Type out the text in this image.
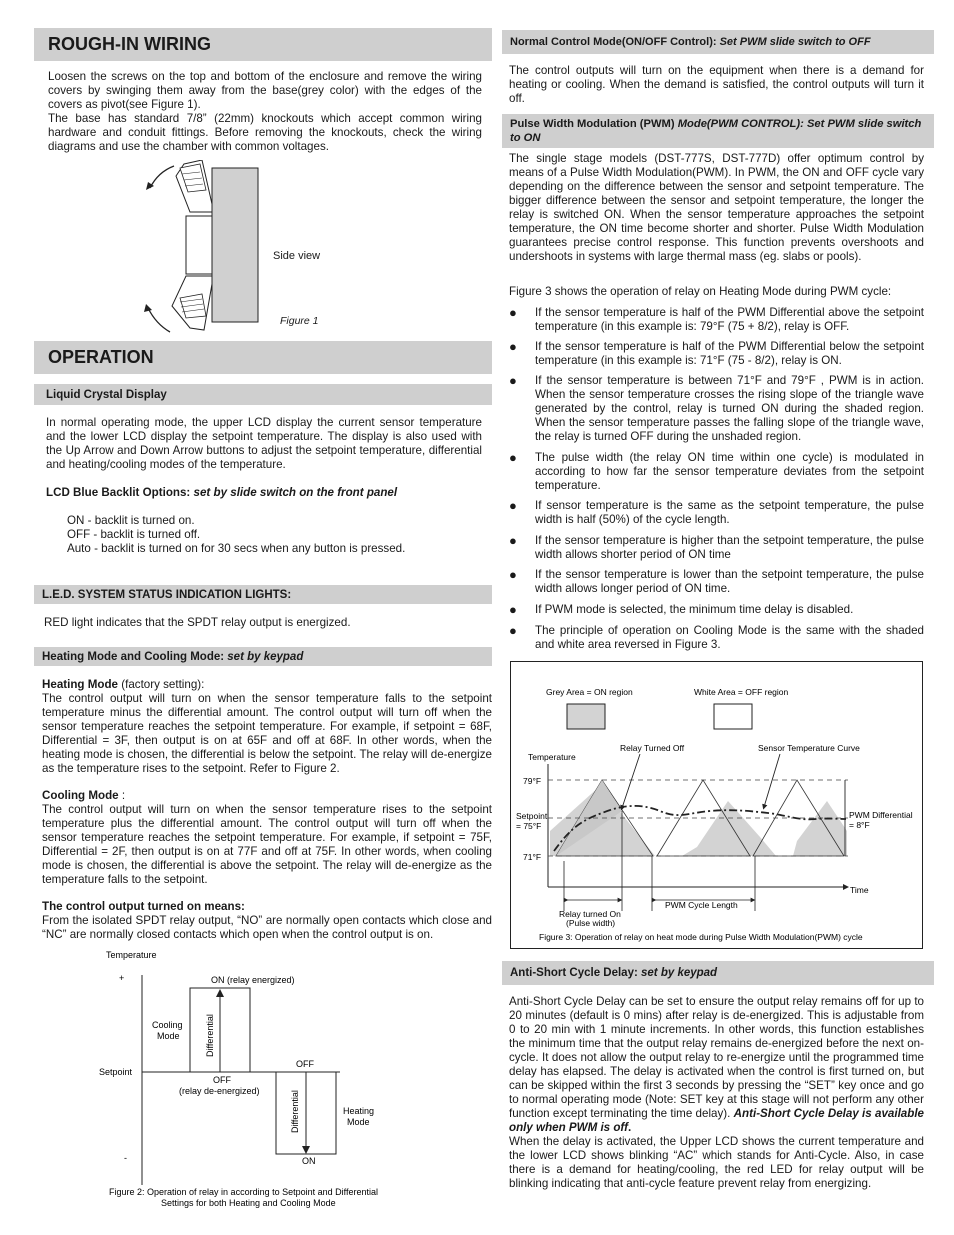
ROUGH-IN WIRING

Loosen the screws on the top and bottom of the enclosure and remove the wiring covers by swinging them away from the base(grey color) with the edges of the covers as pivot(see Figure 1).

The base has standard 7/8” (22mm) knockouts which accept common wiring hardware and conduit fittings. Before removing the knockouts, check the wiring diagrams and use the chamber with common voltages.

Side view
Figure 1
OPERATION
Liquid Crystal Display
In normal operating mode, the upper LCD display the current sensor temperature and the lower LCD display the setpoint temperature. The display is also used with the Up Arrow and Down Arrow buttons to adjust the setpoint temperature, differential and heating/cooling modes of the temperature.
LCD Blue Backlit Options: set by slide switch on the front panel

ON - backlit is turned on.

OFF - backlit is turned off.

Auto - backlit is turned on for 30 secs when any button is pressed.

L.E.D. SYSTEM STATUS INDICATION LIGHTS:
RED light indicates that the SPDT relay output is energized.
Heating Mode and Cooling Mode:
set by keypad

Heating Mode (factory setting):

The control output will turn on when the sensor temperature falls to the setpoint temperature minus the differential amount. The control output will turn off when the sensor temperature reaches the setpoint temperature. For example, if setpoint = 68F, Differential = 3F, then output is on at 65F and off at 68F. In other words, when the heating mode is chosen, the differential is below the setpoint. The relay will de-energize as the temperature rises to the setpoint. Refer to Figure 2.

Cooling Mode :

The control output will turn on when the sensor temperature rises to the setpoint temperature plus the differential amount. The control output will turn off when the sensor temperature reaches the setpoint temperature. For example, if setpoint = 75F, Differential = 2F, then output is on at 77F and off at 75F. In other words, when cooling mode is chosen, the differential is above the setpoint. The relay will de-energize as the temperature falls to the setpoint.

The control output turned on means:

From the isolated SPDT relay output, “NO” are normally open contacts which close and “NC” are normally closed contacts which open when the control output is on.

Temperature
+
-
Setpoint
ON (relay energized)
Differential
Cooling
Mode
OFF
(relay de-energized)
OFF
ON
Differential	Heating
Mode
Figure 2: Operation of relay in according to Setpoint and Differential
Settings for both Heating and Cooling Mode
Normal Control Mode(ON/OFF Control):
Set PWM slide switch to OFF
The control outputs will turn on the equipment when there is a demand for heating or cooling. When the demand is satisfied, the control outputs will turn it off.
Pulse Width Modulation (PWM) Mode(PWM CONTROL): Set PWM slide switch to ON
The single stage models (DST-777S, DST-777D) offer optimum control by means of a Pulse Width Modulation(PWM). In PWM, the ON and OFF cycle vary depending on the difference between the sensor and setpoint temperature. The bigger difference between the sensor and setpoint temperature, the longer the relay is switched ON. When the sensor temperature approaches the setpoint temperature, the ON time become shorter and shorter. Pulse Width Modulation guarantees precise control response. This function prevents overshoots and undershoots in systems with large thermal mass (eg. slabs or pools).
Figure 3 shows the operation of relay on Heating Mode during PWM cycle:
● If the sensor temperature is half of the PWM Differential above the setpoint temperature (in this example is: 79°F (75 + 8/2), relay is OFF.
● If the sensor temperature is half of the PWM Differential below the setpoint temperature (in this example is: 71°F (75 - 8/2), relay is ON.
● If the sensor temperature is between 71°F and 79°F , PWM is in action. When the sensor temperature crosses the rising slope of the triangle wave generated by the control, relay is turned ON during the shaded region. When the sensor temperature passes the falling slope of the triangle wave, the relay is turned OFF during the unshaded region.
● The pulse width (the relay ON time within one cycle) is modulated in according to how far the sensor temperature deviates from the setpoint temperature.
● If sensor temperature is the same as the setpoint temperature, the pulse width is half (50%) of the cycle length.
● If the sensor temperature is higher than the setpoint temperature, the pulse width allows shorter period of ON time
● If the sensor temperature is lower than the setpoint temperature, the pulse width allows longer period of ON time.
● If PWM mode is selected, the minimum time delay is disabled.
● The principle of operation on Cooling Mode is the same with the shaded and white area reversed in Figure 3.
Grey Area = ON region	White Area = OFF region
Temperature
Relay Turned Off	Sensor Temperature Curve
79°F
Setpoint
= 75°F
71°F
PWM Differential
= 8°F
Time
PWM Cycle Length
Relay turned On
(Pulse width)
Figure 3: Operation of relay on heat mode during Pulse Width Modulation(PWM) cycle
Anti-Short Cycle Delay:
set by keypad

Anti-Short Cycle Delay can be set to ensure the output relay remains off for up to 20 minutes (default is 0 mins) after relay is de-energized. This is adjustable from 0 to 20 min with 1 minute increments. In other words, this function establishes the minimum time that the output relay remains de-energized before the next on-cycle. It does not allow the output relay to re-energize until the programmed time delay has elapsed. The delay is activated when the control is first turned on, but can be skipped within the first 3 seconds by pressing the “SET” key once and go to normal operating mode (Note: SET key at this stage will not perform any other function except terminating the time delay). Anti-Short Cycle Delay is available only when PWM is off.

When the delay is activated, the Upper LCD shows the current temperature and the lower LCD shows blinking “AC” which stands for Anti-Cycle. Also, in case there is a demand for heating/cooling, the red LED for relay output will be blinking indicating that anti-cycle feature prevent relay from energizing.
